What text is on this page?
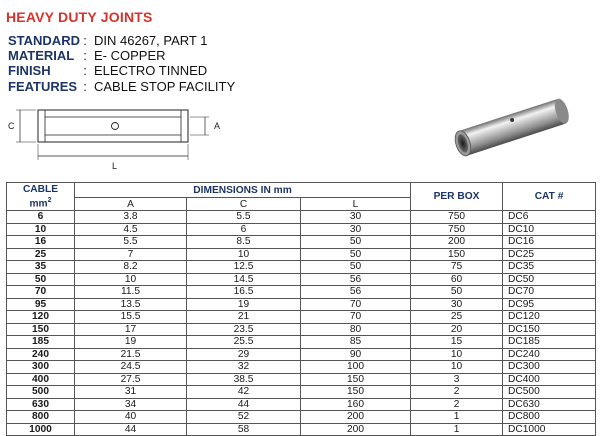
HEAVY DUTY JOINTS
STANDARD : DIN 46267, PART 1
MATERIAL : E- COPPER
FINISH	: ELECTRO TINNED
FEATURES : CABLE STOP FACILITY
C	A
L
CABLE
$mm^2$	DIMENSIONS IN mm			PER BOX	CAT #
	A	C	L		
6	3.8	5.5	30	750	DC6
10	4.5	6	30	750	DC10
16	5.5	8.5	50	200	DC16
25	7	10	50	150	DC25
35	8.2	12.5	50	75	DC35
50	10	14.5	56	60	DC50
70	11.5	16.5	56	50	DC70
95	13.5	19	70	30	DC95
120	15.5	21	70	25	DC120
150	17	23.5	80	20	DC150
185	19	25.5	85	15	DC185
240	21.5	29	90	10	DC240
300	24.5	32	100	10	DC300
400	27.5	38.5	150	3	DC400
500	31	42	150	2	DC500
630	34	44	160	2	DC630
800	40	52	200	1	DC800
1000	44	58	200	1	DC1000
